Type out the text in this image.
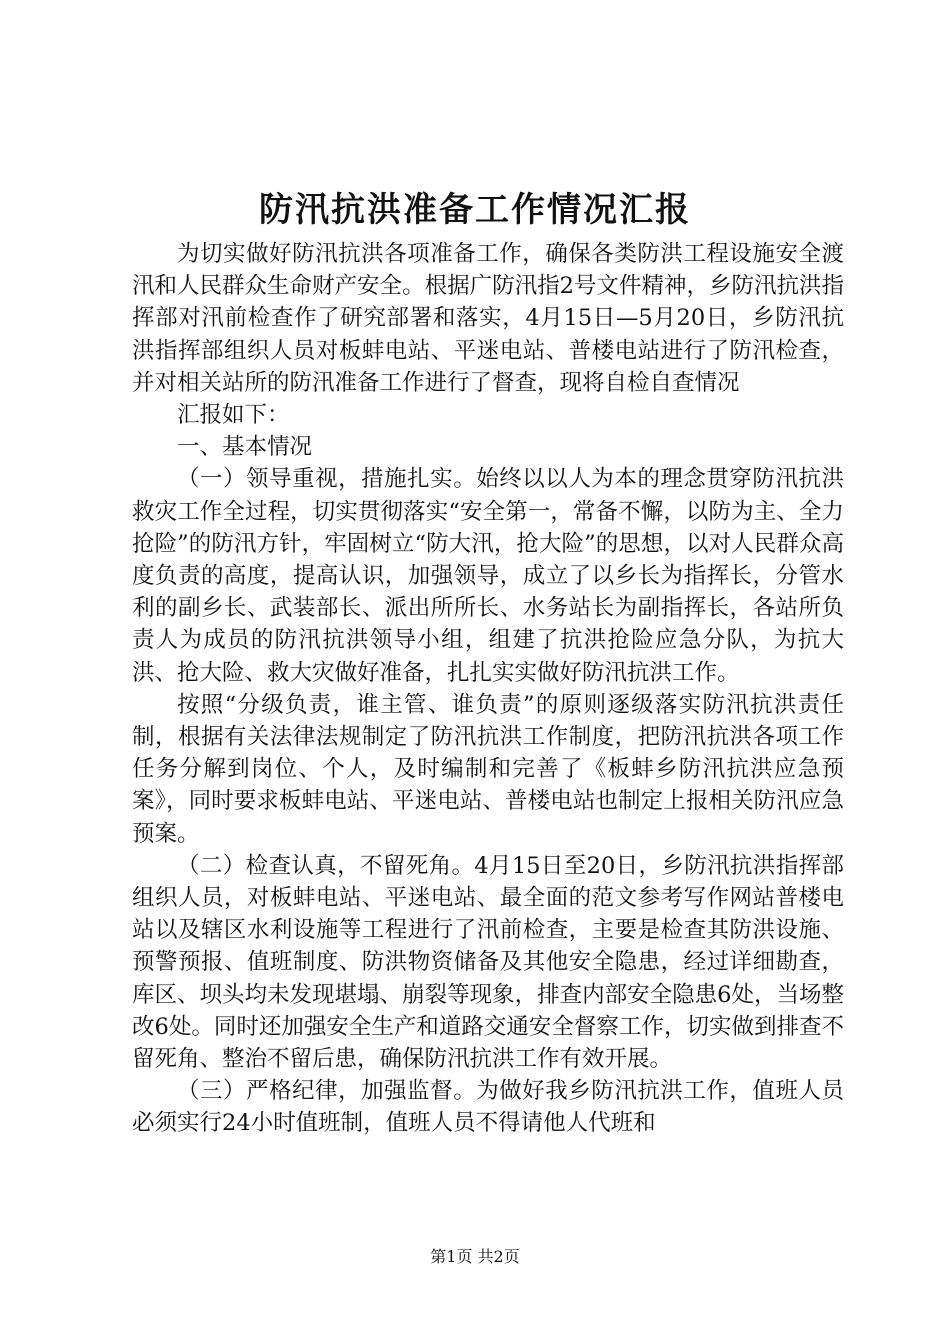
防汛抗洪准备工作情况汇报

为切实做好防汛抗洪各项准备工作，确保各类防洪工程设施安全渡汛和人民群众生命财产安全。根据广防汛指2号文件精神，乡防汛抗洪指挥部对汛前检查作了研究部署和落实，4月15日—5月20日，乡防汛抗洪指挥部组织人员对板蚌电站、平迷电站、普楼电站进行了防汛检查，并对相关站所的防汛准备工作进行了督查，现将自检自查情况

汇报如下：

一、基本情况

（一）领导重视，措施扎实。始终以以人为本的理念贯穿防汛抗洪救灾工作全过程，切实贯彻落实“安全第一，常备不懈，以防为主、全力抢险”的防汛方针，牢固树立“防大汛，抢大险”的思想，以对人民群众高度负责的高度，提高认识，加强领导，成立了以乡长为指挥长，分管水利的副乡长、武装部长、派出所所长、水务站长为副指挥长，各站所负责人为成员的防汛抗洪领导小组，组建了抗洪抢险应急分队，为抗大洪、抢大险、救大灾做好准备，扎扎实实做好防汛抗洪工作。

按照“分级负责，谁主管、谁负责”的原则逐级落实防汛抗洪责任制，根据有关法律法规制定了防汛抗洪工作制度，把防汛抗洪各项工作任务分解到岗位、个人，及时编制和完善了《板蚌乡防汛抗洪应急预案》，同时要求板蚌电站、平迷电站、普楼电站也制定上报相关防汛应急预案。

（二）检查认真，不留死角。4月15日至20日，乡防汛抗洪指挥部组织人员，对板蚌电站、平迷电站、最全面的范文参考写作网站普楼电站以及辖区水利设施等工程进行了汛前检查，主要是检查其防洪设施、预警预报、值班制度、防洪物资储备及其他安全隐患，经过详细勘查，库区、坝头均未发现堪塌、崩裂等现象，排查内部安全隐患6处，当场整改6处。同时还加强安全生产和道路交通安全督察工作，切实做到排查不留死角、整治不留后患，确保防汛抗洪工作有效开展。

（三）严格纪律，加强监督。为做好我乡防汛抗洪工作，值班人员必须实行24小时值班制，值班人员不得请他人代班和

第1页 共2页
